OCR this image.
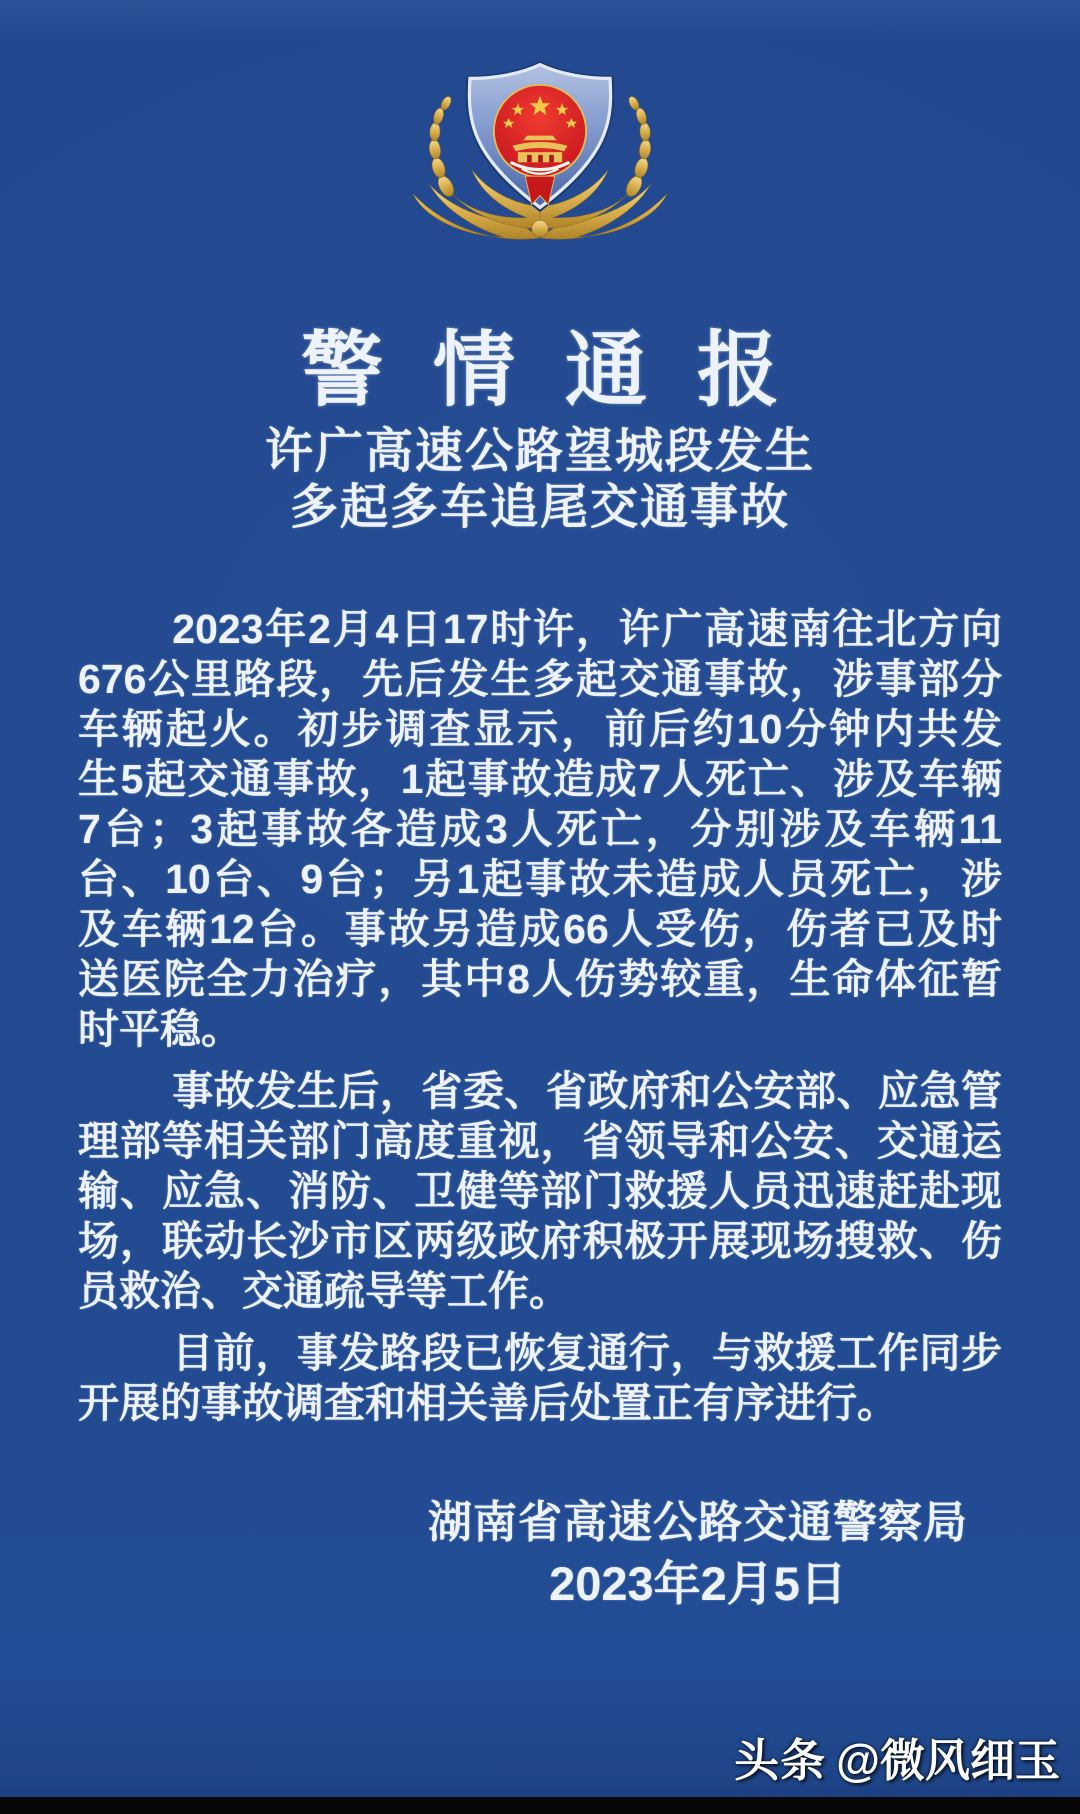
警情通报
许广高速公路望城段发生
多起多车追尾交通事故
2023年2月4日17时许，许广高速南往北方向
676公里路段，先后发生多起交通事故，涉事部分
车辆起火。初步调查显示，前后约10分钟内共发
生5起交通事故，1起事故造成7人死亡、涉及车辆
7台；3起事故各造成3人死亡，分别涉及车辆11
台、10台、9台；另1起事故未造成人员死亡，涉
及车辆12台。事故另造成66人受伤，伤者已及时
送医院全力治疗，其中8人伤势较重，生命体征暂
时平稳。
事故发生后，省委、省政府和公安部、应急管
理部等相关部门高度重视，省领导和公安、交通运
输、应急、消防、卫健等部门救援人员迅速赶赴现
场，联动长沙市区两级政府积极开展现场搜救、伤
员救治、交通疏导等工作。
目前，事发路段已恢复通行，与救援工作同步
开展的事故调查和相关善后处置正有序进行。
湖南省高速公路交通警察局
2023年2月5日
头条 @微风细玉
